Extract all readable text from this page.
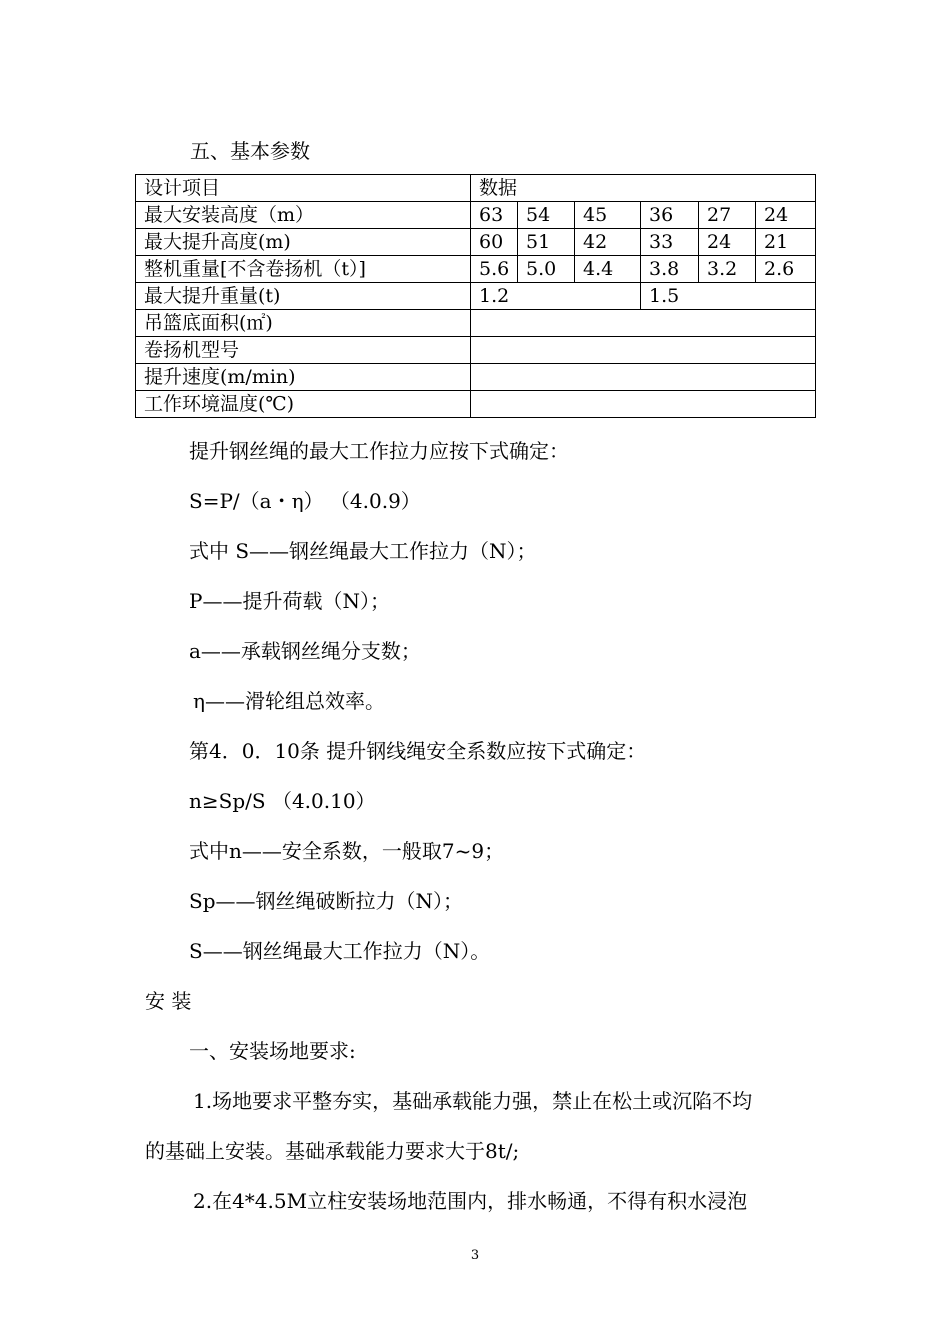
五、基本参数
设计项目	数据					
最大安装高度（m）	63	54	45	36	27	24
最大提升高度(m)	60	51	42	33	24	21
整机重量[不含卷扬机（t）]	5.6	5.0	4.4	3.8	3.2	2.6
最大提升重量(t)	1.2			1.5		
吊篮底面积(㎡)						
卷扬机型号						
提升速度(m/min)						
工作环境温度(℃)						
提升钢丝绳的最大工作拉力应按下式确定：
S=P/（a・η） （4.0.9）
式中 S——钢丝绳最大工作拉力（N）；
P——提升荷载（N）；
a——承载钢丝绳分支数；
η——滑轮组总效率。
第4．0．10条 提升钢线绳安全系数应按下式确定：
n≥Sp/S （4.0.10）
式中n——安全系数，一般取7~9；
Sp——钢丝绳破断拉力（N）；
S——钢丝绳最大工作拉力（N）。
安 装
一、安装场地要求:
1.场地要求平整夯实，基础承载能力强，禁止在松土或沉陷不均
的基础上安装。基础承载能力要求大于8t/;
2.在4*4.5M立柱安装场地范围内，排水畅通，不得有积水浸泡
3
